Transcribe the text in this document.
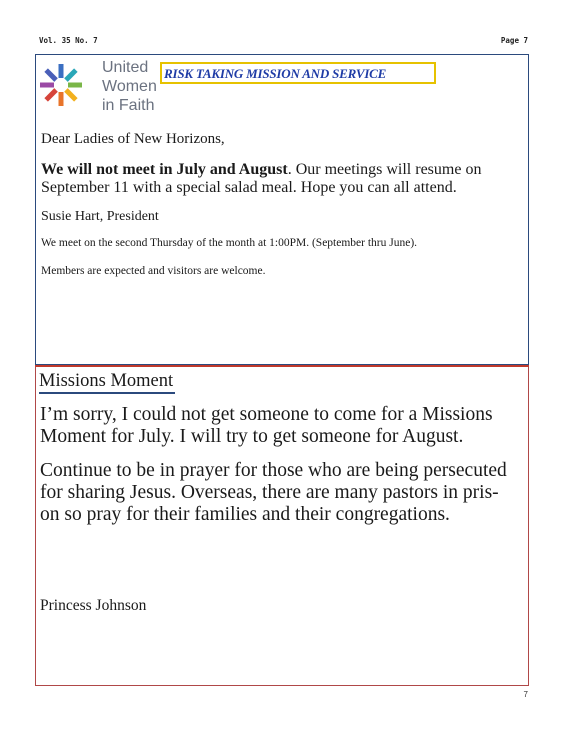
Vol. 35 No. 7	Page 7
United
Women
in Faith
RISK TAKING MISSION AND SERVICE

Dear Ladies of New Horizons,

We will not meet in July and August. Our meetings will resume on

September 11 with a special salad meal. Hope you can all attend.

Susie Hart, President

We meet on the second Thursday of the month at 1:00PM. (September thru June).

Members are expected and visitors are welcome.

Missions Moment

I’m sorry, I could not get someone to come for a Missions

Moment for July. I will try to get someone for August.

Continue to be in prayer for those who are being persecuted

for sharing Jesus. Overseas, there are many pastors in pris-

on so pray for their families and their congregations.

Princess Johnson
7
